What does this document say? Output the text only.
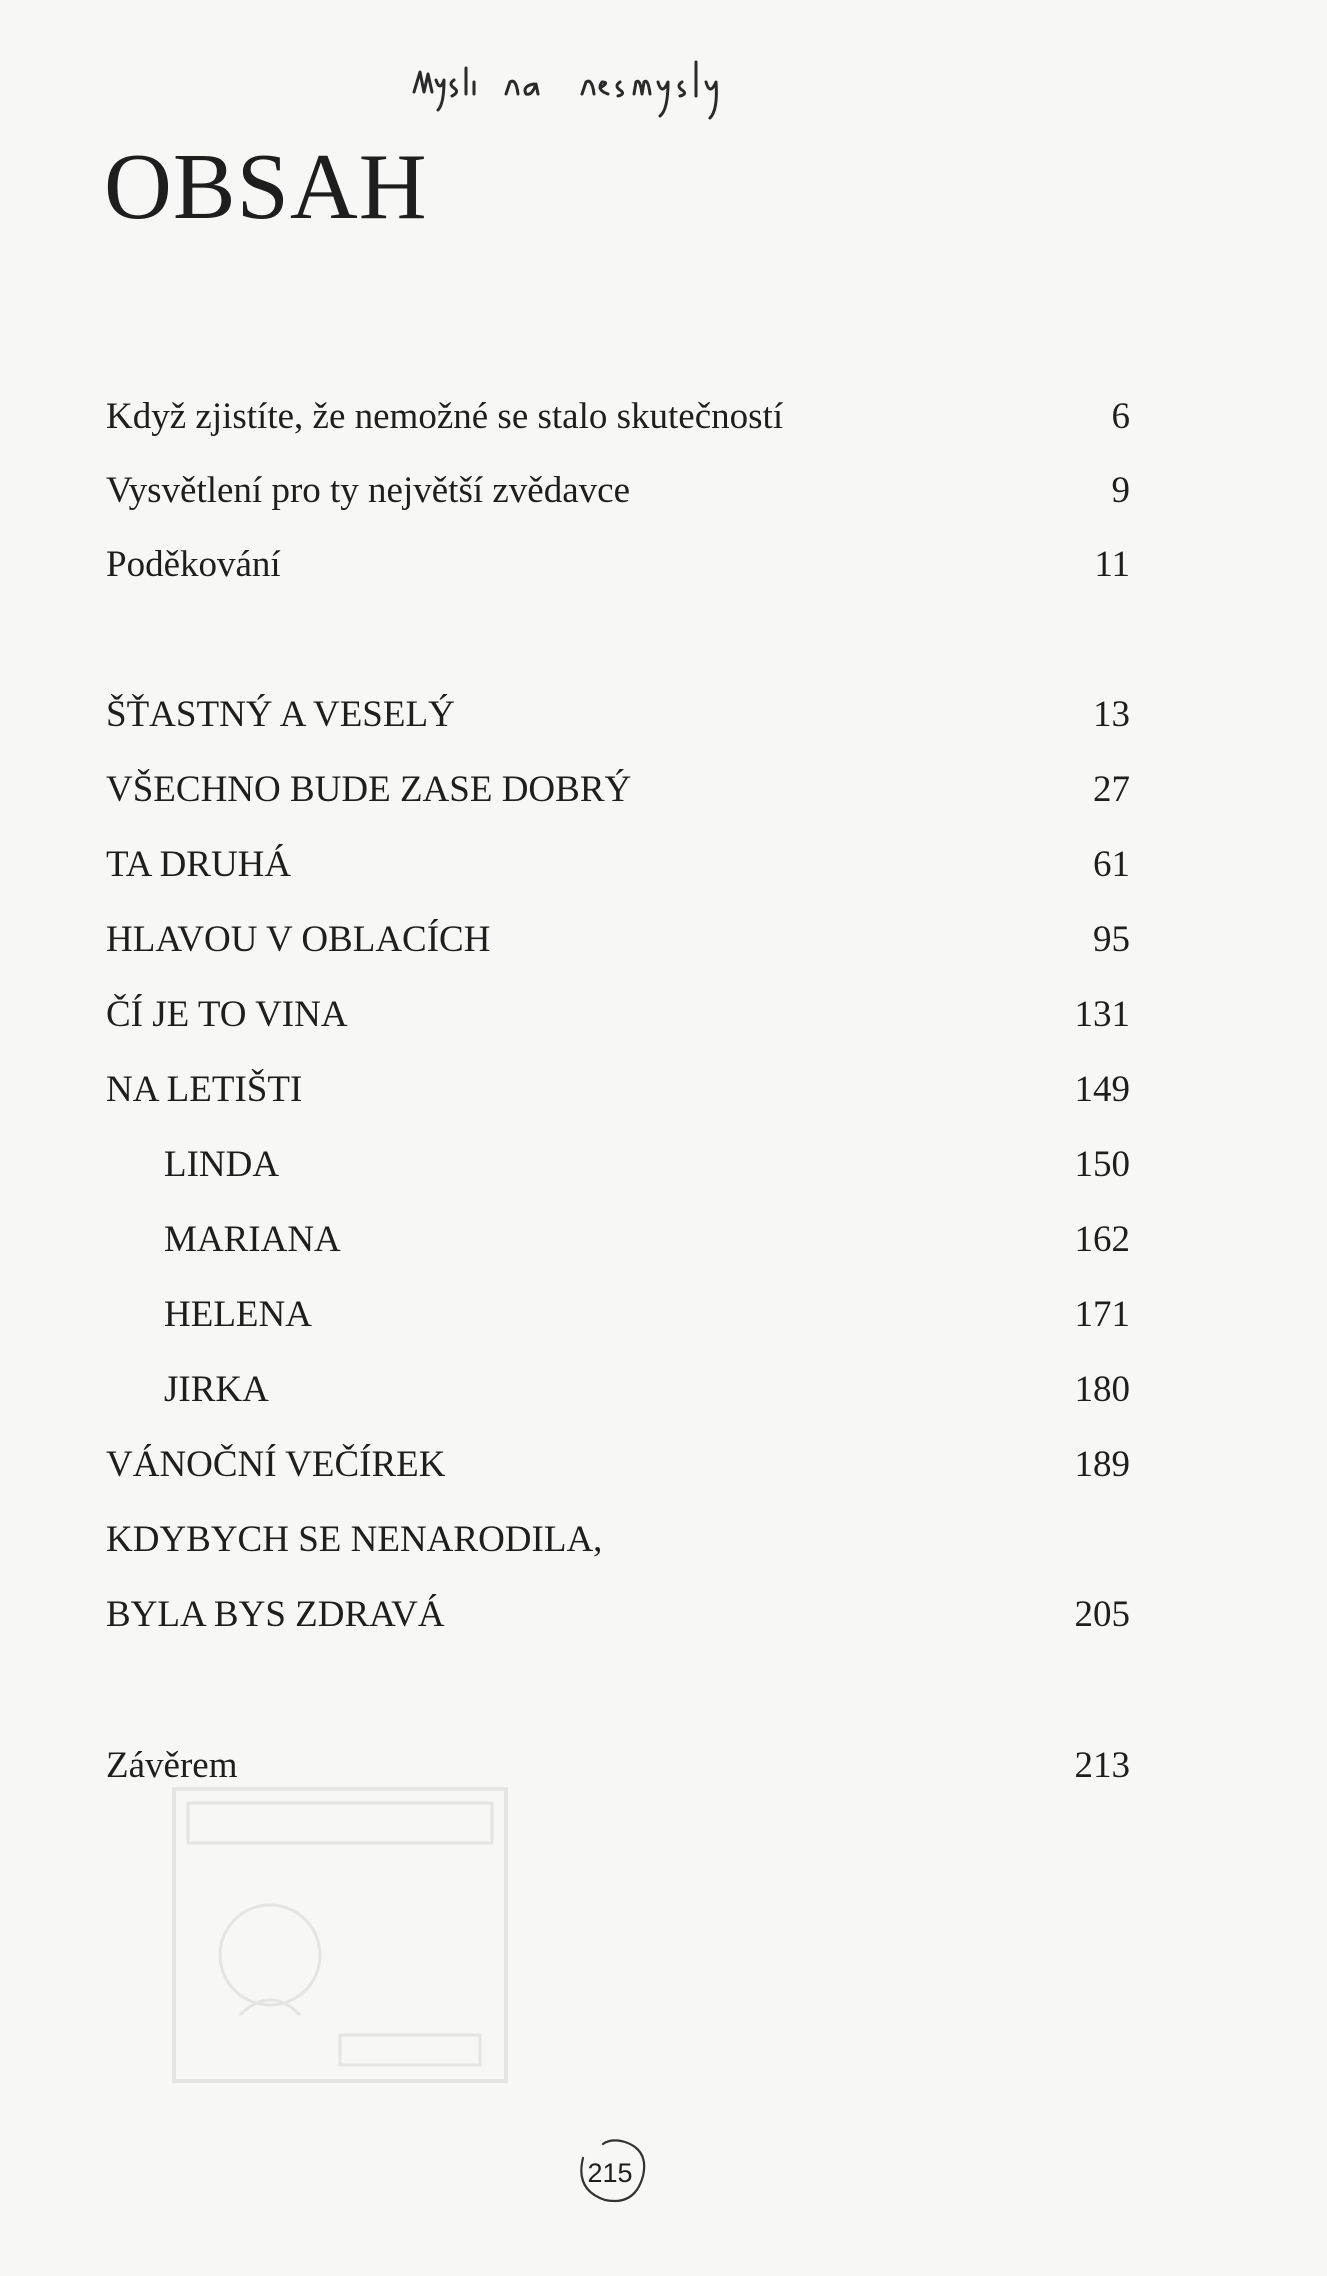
OBSAH
Když zjistíte, že nemožné se stalo skutečností	6
Vysvětlení pro ty největší zvědavce	9
Poděkování	11
ŠŤASTNÝ A VESELÝ	13
VŠECHNO BUDE ZASE DOBRÝ	27
TA DRUHÁ	61
HLAVOU V OBLACÍCH	95
ČÍ JE TO VINA	131
NA LETIŠTI	149
LINDA	150
MARIANA	162
HELENA	171
JIRKA	180
VÁNOČNÍ VEČÍREK	189
KDYBYCH SE NENARODILA,
BYLA BYS ZDRAVÁ	205
Závěrem	213
215
